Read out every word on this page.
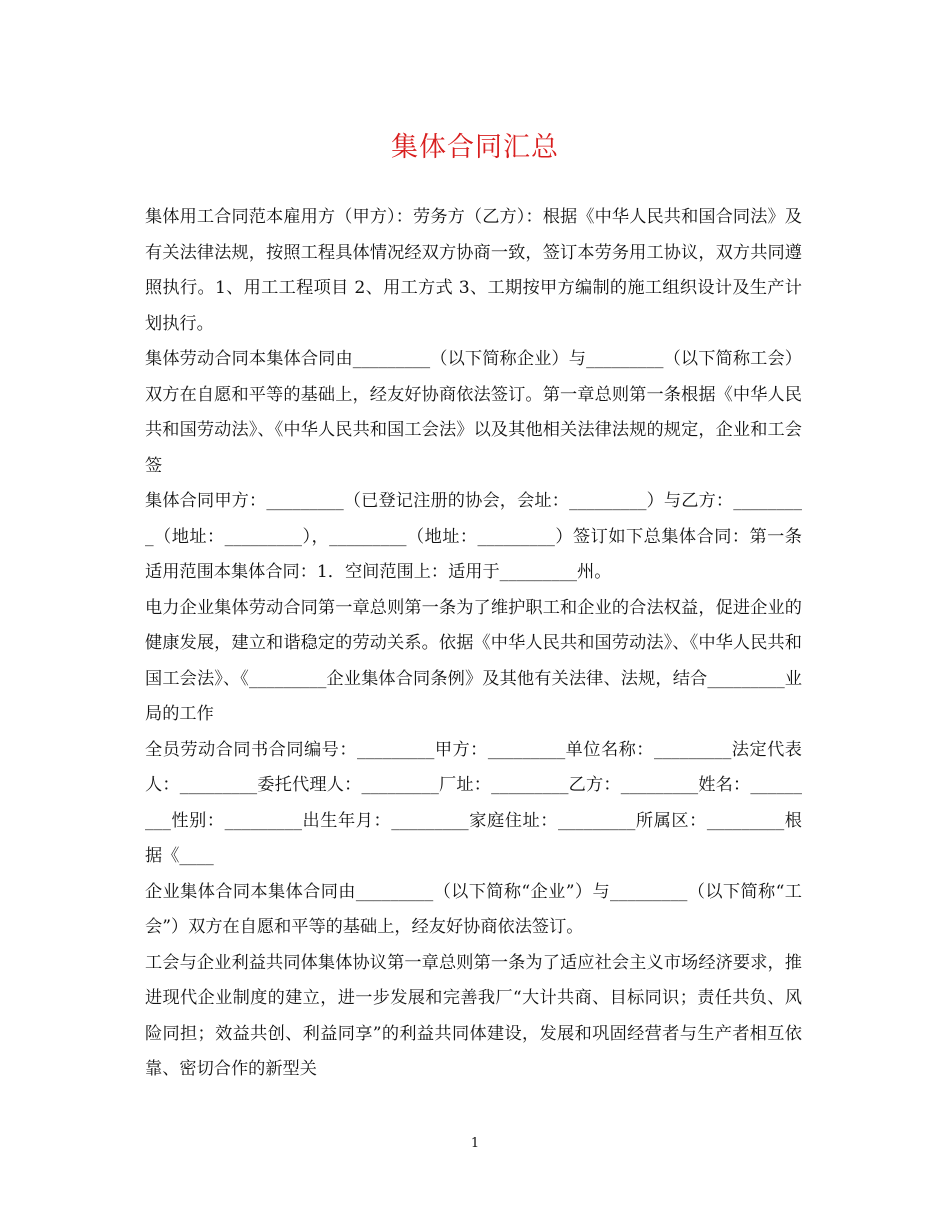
集体合同汇总

集体用工合同范本雇用方（甲方）：劳务方（乙方）：根据《中华人民共和国合同法》及有关法律法规，按照工程具体情况经双方协商一致，签订本劳务用工协议，双方共同遵照执行。1、用工工程项目 2、用工方式 3、工期按甲方编制的施工组织设计及生产计划执行。

集体劳动合同本集体合同由_________（以下简称企业）与_________（以下简称工会）双方在自愿和平等的基础上，经友好协商依法签订。第一章总则第一条根据《中华人民共和国劳动法》、《中华人民共和国工会法》以及其他相关法律法规的规定，企业和工会签

集体合同甲方：_________（已登记注册的协会，会址：_________）与乙方：_________（地址：_________），_________（地址：_________）签订如下总集体合同：第一条适用范围本集体合同：1．空间范围上：适用于_________州。

电力企业集体劳动合同第一章总则第一条为了维护职工和企业的合法权益，促进企业的健康发展，建立和谐稳定的劳动关系。依据《中华人民共和国劳动法》、《中华人民共和国工会法》、《_________企业集体合同条例》及其他有关法律、法规，结合_________业局的工作

全员劳动合同书合同编号：_________甲方：_________单位名称：_________法定代表人：_________委托代理人：_________厂址：_________乙方：_________姓名：_________性别：_________出生年月：_________家庭住址：_________所属区：_________根据《____

企业集体合同本集体合同由_________（以下简称“企业”）与_________（以下简称“工会”）双方在自愿和平等的基础上，经友好协商依法签订。

工会与企业利益共同体集体协议第一章总则第一条为了适应社会主义市场经济要求，推进现代企业制度的建立，进一步发展和完善我厂“大计共商、目标同识；责任共负、风险同担；效益共创、利益同享”的利益共同体建设，发展和巩固经营者与生产者相互依靠、密切合作的新型关

1
